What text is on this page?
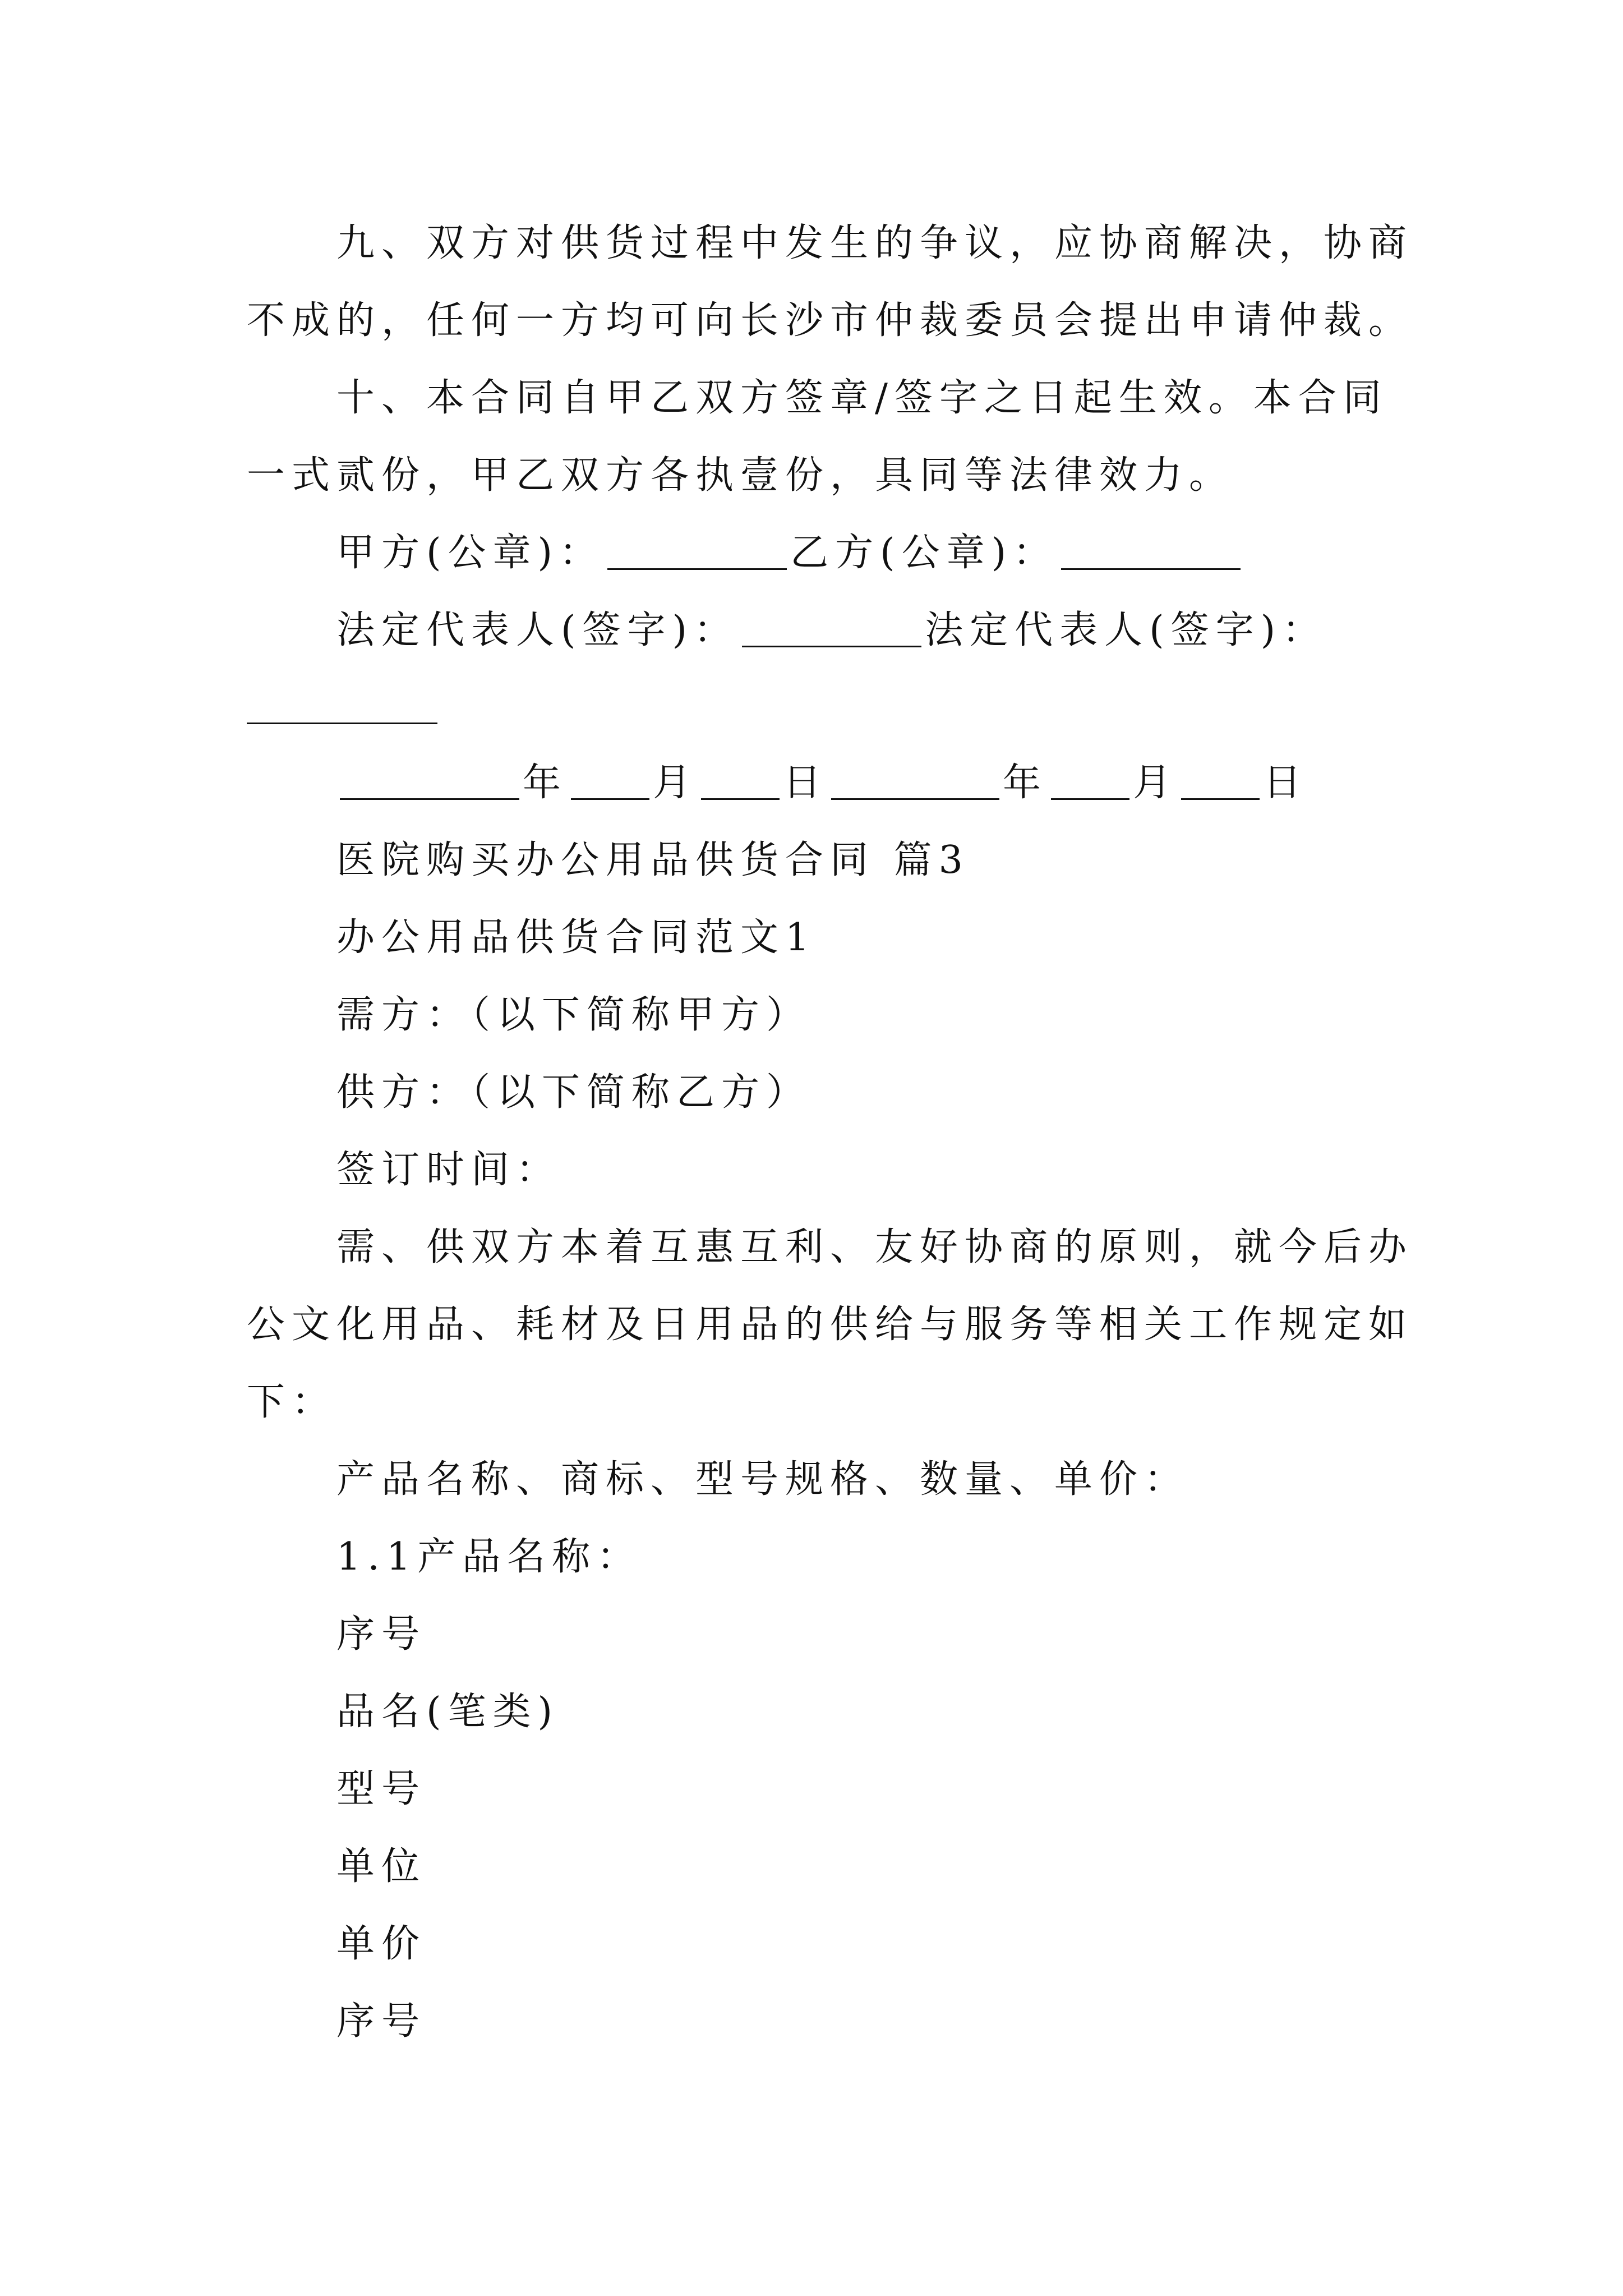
九、双方对供货过程中发生的争议，应协商解决，协商
不成的，任何一方均可向长沙市仲裁委员会提出申请仲裁。
十、本合同自甲乙双方签章/签字之日起生效。本合同
一式贰份，甲乙双方各执壹份，具同等法律效力。
甲方(公章)：	乙方(公章)：
法定代表人(签字)：	法定代表人(签字)：
年 月 日	年 月 日
医院购买办公用品供货合同 篇3
办公用品供货合同范文1
需方：（以下简称甲方）
供方：（以下简称乙方）
签订时间：
需、供双方本着互惠互利、友好协商的原则，就今后办
公文化用品、耗材及日用品的供给与服务等相关工作规定如
下：
产品名称、商标、型号规格、数量、单价：
1.1产品名称：
序号
品名(笔类)
型号
单位
单价
序号
